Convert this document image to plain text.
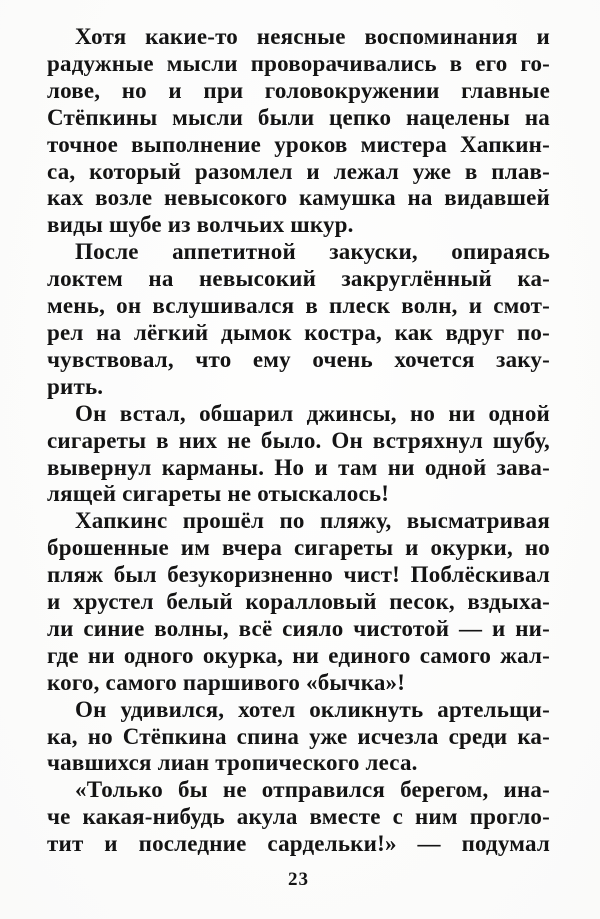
Хотя какие-то неясные воспоминания и
радужные мысли проворачивались в его го-
лове, но и при головокружении главные
Стёпкины мысли были цепко нацелены на
точное выполнение уроков мистера Хапкин-
са, который разомлел и лежал уже в плав-
ках возле невысокого камушка на видавшей
виды шубе из волчьих шкур.
После аппетитной закуски, опираясь
локтем на невысокий закруглённый ка-
мень, он вслушивался в плеск волн, и смот-
рел на лёгкий дымок костра, как вдруг по-
чувствовал, что ему очень хочется заку-
рить.
Он встал, обшарил джинсы, но ни одной
сигареты в них не было. Он встряхнул шубу,
вывернул карманы. Но и там ни одной зава-
лящей сигареты не отыскалось!
Хапкинс прошёл по пляжу, высматривая
брошенные им вчера сигареты и окурки, но
пляж был безукоризненно чист! Поблёскивал
и хрустел белый коралловый песок, вздыха-
ли синие волны, всё сияло чистотой — и ни-
где ни одного окурка, ни единого самого жал-
кого, самого паршивого «бычка»!
Он удивился, хотел окликнуть артельщи-
ка, но Стёпкина спина уже исчезла среди ка-
чавшихся лиан тропического леса.
«Только бы не отправился берегом, ина-
че какая-нибудь акула вместе с ним прогло-
тит и последние сардельки!» — подумал
23
